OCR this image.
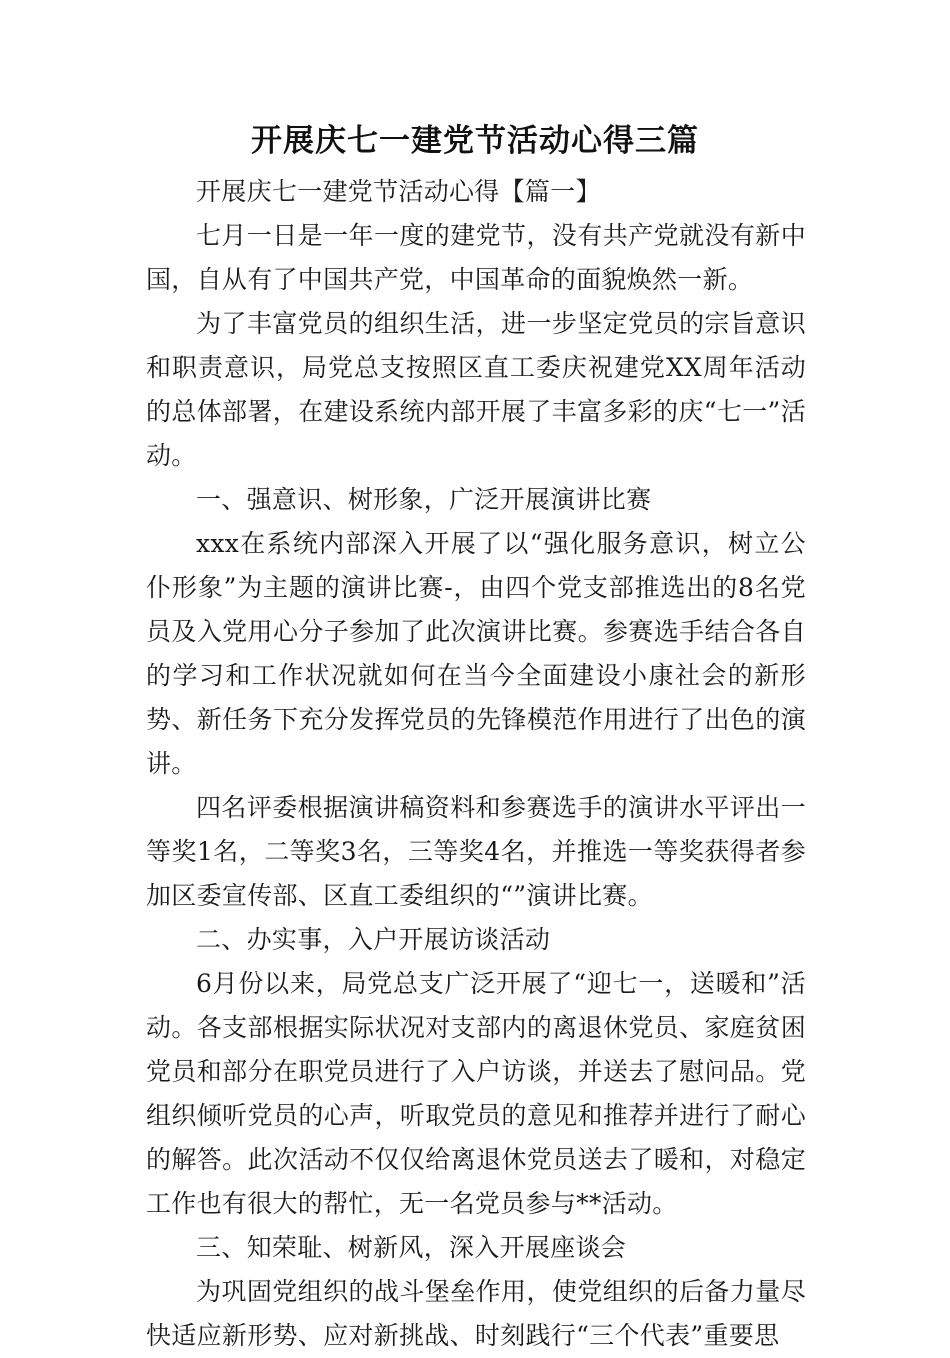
开展庆七一建党节活动心得三篇

开展庆七一建党节活动心得【篇一】

七月一日是一年一度的建党节，没有共产党就没有新中国，自从有了中国共产党，中国革命的面貌焕然一新。

为了丰富党员的组织生活，进一步坚定党员的宗旨意识和职责意识，局党总支按照区直工委庆祝建党XX周年活动的总体部署，在建设系统内部开展了丰富多彩的庆“七一”活动。

一、强意识、树形象，广泛开展演讲比赛

xxx在系统内部深入开展了以“强化服务意识，树立公仆形象”为主题的演讲比赛-，由四个党支部推选出的8名党员及入党用心分子参加了此次演讲比赛。参赛选手结合各自的学习和工作状况就如何在当今全面建设小康社会的新形势、新任务下充分发挥党员的先锋模范作用进行了出色的演讲。

四名评委根据演讲稿资料和参赛选手的演讲水平评出一等奖1名，二等奖3名，三等奖4名，并推选一等奖获得者参加区委宣传部、区直工委组织的“”演讲比赛。

二、办实事，入户开展访谈活动

6月份以来，局党总支广泛开展了“迎七一，送暖和”活动。各支部根据实际状况对支部内的离退休党员、家庭贫困党员和部分在职党员进行了入户访谈，并送去了慰问品。党组织倾听党员的心声，听取党员的意见和推荐并进行了耐心的解答。此次活动不仅仅给离退休党员送去了暖和，对稳定工作也有很大的帮忙，无一名党员参与**活动。

三、知荣耻、树新风，深入开展座谈会

为巩固党组织的战斗堡垒作用，使党组织的后备力量尽快适应新形势、应对新挑战、时刻践行“三个代表”重要思
